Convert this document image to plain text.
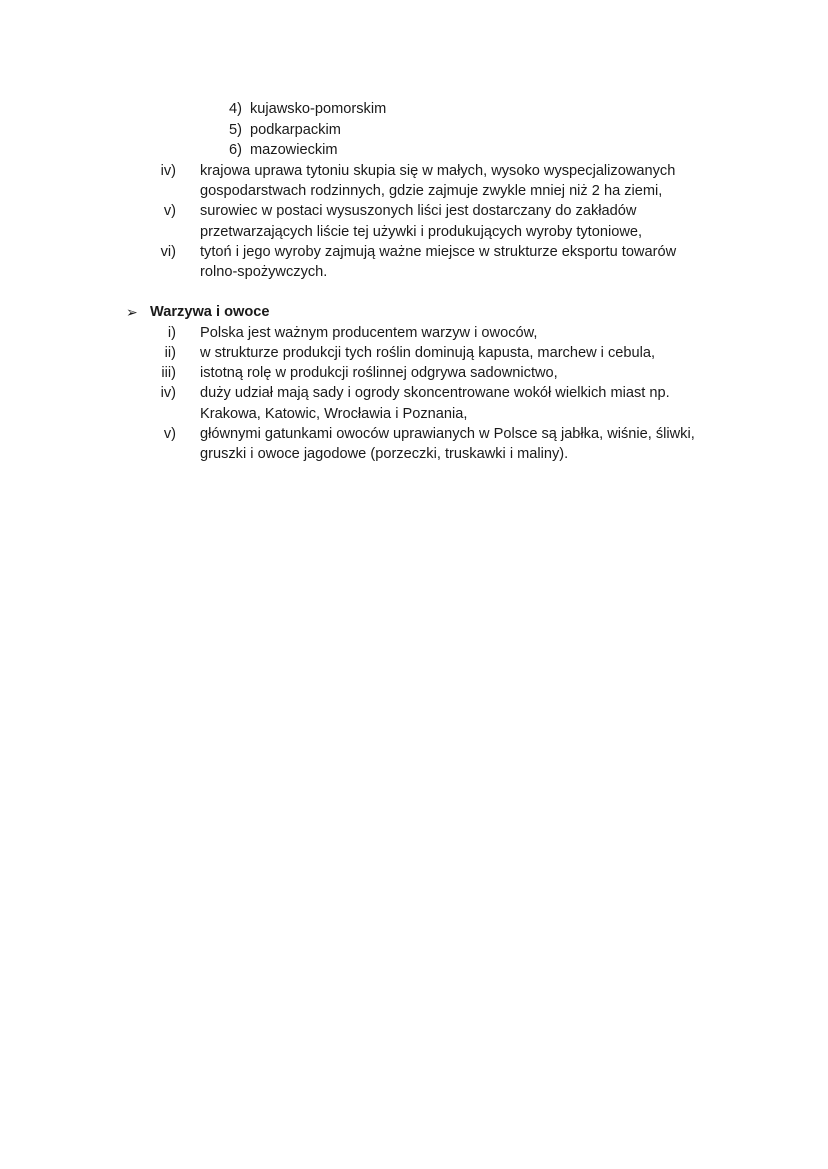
4) kujawsko-pomorskim
5) podkarpackim
6) mazowieckim
iv) krajowa uprawa tytoniu skupia się w małych, wysoko wyspecjalizowanych
gospodarstwach rodzinnych, gdzie zajmuje zwykle mniej niż 2 ha ziemi,
v) surowiec w postaci wysuszonych liści jest dostarczany do zakładów
przetwarzających liście tej używki i produkujących wyroby tytoniowe,
vi) tytoń i jego wyroby zajmują ważne miejsce w strukturze eksportu towarów
rolno-spożywczych.
➢ Warzywa i owoce
i) Polska jest ważnym producentem warzyw i owoców,
ii) w strukturze produkcji tych roślin dominują kapusta, marchew i cebula,
iii) istotną rolę w produkcji roślinnej odgrywa sadownictwo,
iv) duży udział mają sady i ogrody skoncentrowane wokół wielkich miast np.
Krakowa, Katowic, Wrocławia i Poznania,
v) głównymi gatunkami owoców uprawianych w Polsce są jabłka, wiśnie, śliwki,
gruszki i owoce jagodowe (porzeczki, truskawki i maliny).
